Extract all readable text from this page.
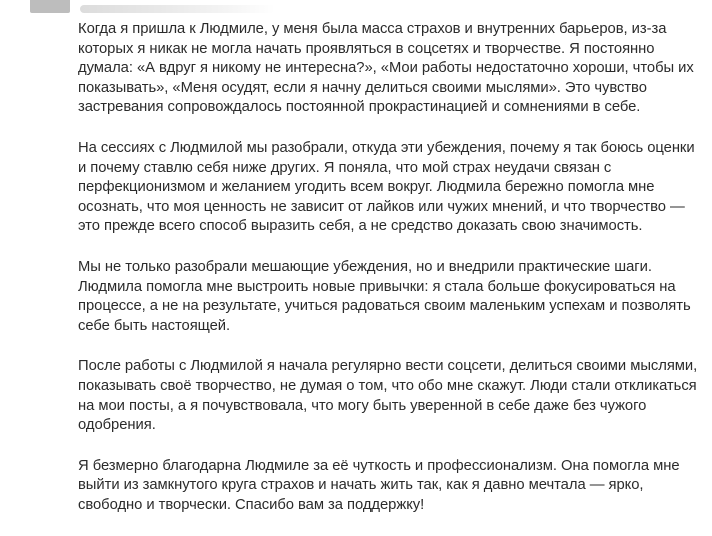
Когда я пришла к Людмиле, у меня была масса страхов и внутренних барьеров, из-за которых я никак не могла начать проявляться в соцсетях и творчестве. Я постоянно думала: «А вдруг я никому не интересна?», «Мои работы недостаточно хороши, чтобы их показывать», «Меня осудят, если я начну делиться своими мыслями». Это чувство застревания сопровождалось постоянной прокрастинацией и сомнениями в себе.

На сессиях с Людмилой мы разобрали, откуда эти убеждения, почему я так боюсь оценки и почему ставлю себя ниже других. Я поняла, что мой страх неудачи связан с перфекционизмом и желанием угодить всем вокруг. Людмила бережно помогла мне осознать, что моя ценность не зависит от лайков или чужих мнений, и что творчество — это прежде всего способ выразить себя, а не средство доказать свою значимость.

Мы не только разобрали мешающие убеждения, но и внедрили практические шаги. Людмила помогла мне выстроить новые привычки: я стала больше фокусироваться на процессе, а не на результате, учиться радоваться своим маленьким успехам и позволять себе быть настоящей.

После работы с Людмилой я начала регулярно вести соцсети, делиться своими мыслями, показывать своё творчество, не думая о том, что обо мне скажут. Люди стали откликаться на мои посты, а я почувствовала, что могу быть уверенной в себе даже без чужого одобрения.

Я безмерно благодарна Людмиле за её чуткость и профессионализм. Она помогла мне выйти из замкнутого круга страхов и начать жить так, как я давно мечтала — ярко, свободно и творчески. Спасибо вам за поддержку!
